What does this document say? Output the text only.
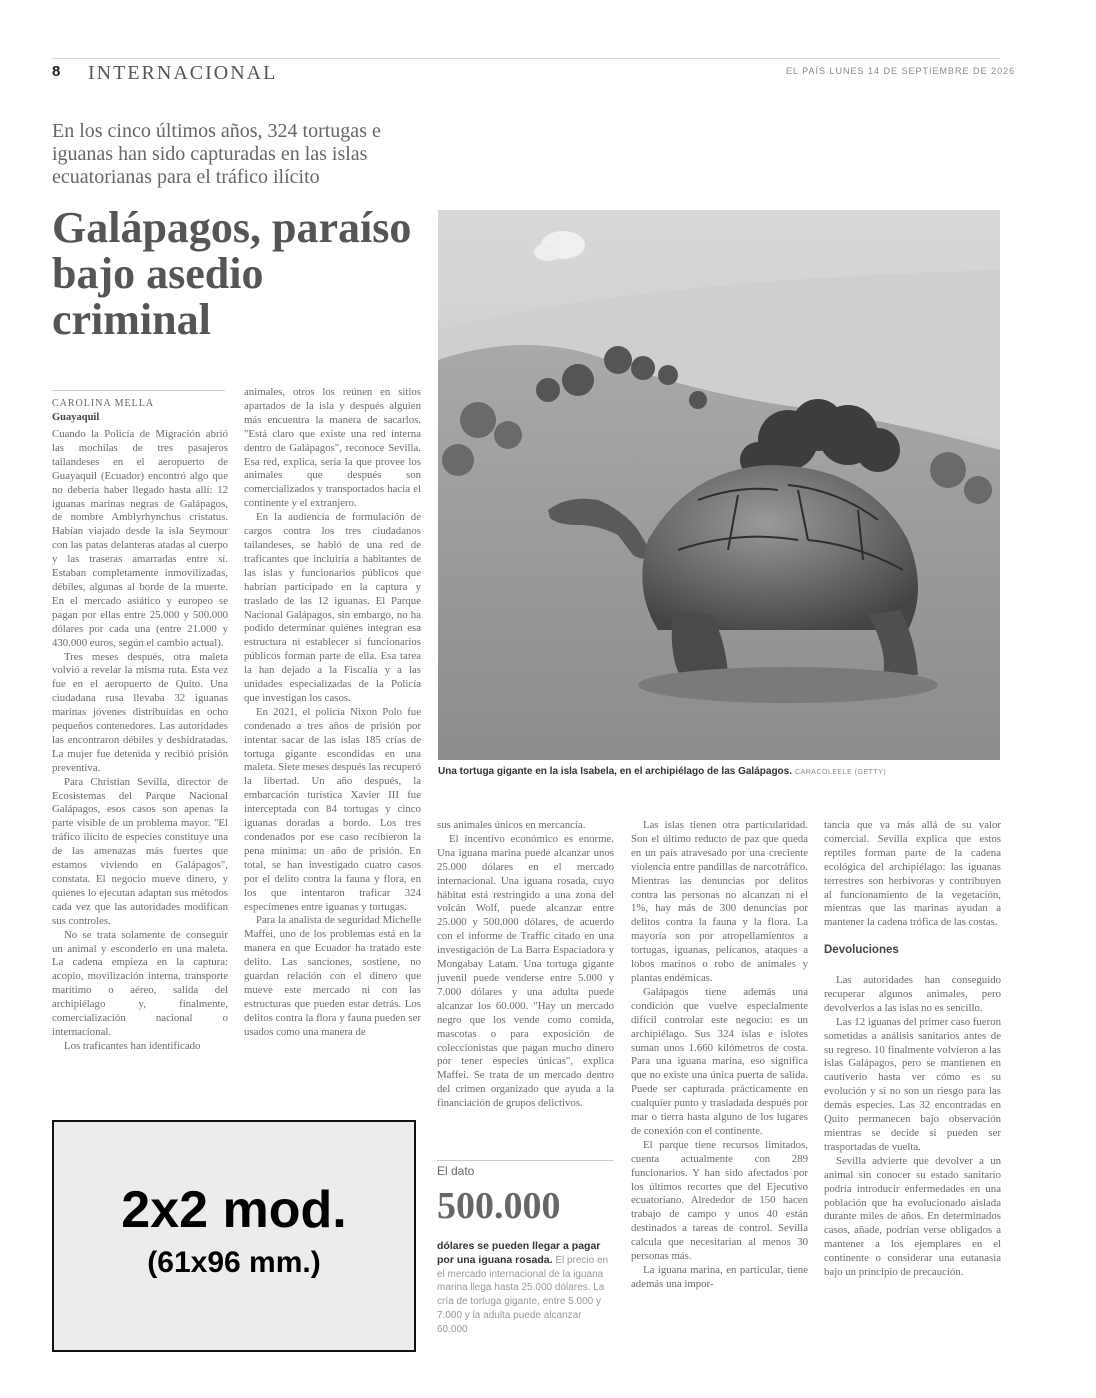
8 INTERNACIONAL	EL PAÍS LUNES 14 DE SEPTIEMBRE DE 2026
En los cinco últimos años, 324 tortugas e iguanas han sido capturadas en las islas ecuatorianas para el tráfico ilícito
Galápagos, paraíso bajo asedio criminal
Una tortuga gigante en la isla Isabela, en el archipiélago de las Galápagos. CARACOLEELE (GETTY)
CAROLINA MELLA
Guayaquil

Cuando la Policía de Migración abrió las mochilas de tres pasajeros tailandeses en el aeropuerto de Guayaquil (Ecuador) encontró algo que no debería haber llegado hasta allí: 12 iguanas marinas negras de Galápagos, de nombre Amblyrhynchus cristatus. Habían viajado desde la isla Seymour con las patas delanteras atadas al cuerpo y las traseras amarradas entre sí. Estaban completamente inmovilizadas, débiles, algunas al borde de la muerte. En el mercado asiático y europeo se pagan por ellas entre 25.000 y 500.000 dólares por cada una (entre 21.000 y 430.000 euros, según el cambio actual).

Tres meses después, otra maleta volvió a revelar la misma ruta. Esta vez fue en el aeropuerto de Quito. Una ciudadana rusa llevaba 32 iguanas marinas jóvenes distribuidas en ocho pequeños contenedores. Las autoridades las encontraron débiles y deshidratadas. La mujer fue detenida y recibió prisión preventiva.

Para Christian Sevilla, director de Ecosistemas del Parque Nacional Galápagos, esos casos son apenas la parte visible de un problema mayor. "El tráfico ilícito de especies constituye una de las amenazas más fuertes que estamos viviendo en Galápagos", constata. El negocio mueve dinero, y quienes lo ejecutan adaptan sus métodos cada vez que las autoridades modifican sus controles.

No se trata solamente de conseguir un animal y esconderlo en una maleta. La cadena empieza en la captura: acopio, movilización interna, transporte marítimo o aéreo, salida del archipiélago y, finalmente, comercialización nacional o internacional.

Los traficantes han identificado

animales, otros los reúnen en sitios apartados de la isla y después alguien más encuentra la manera de sacarlos. "Está claro que existe una red interna dentro de Galápagos", reconoce Sevilla. Esa red, explica, sería la que provee los animales que después son comercializados y transportados hacia el continente y el extranjero.

En la audiencia de formulación de cargos contra los tres ciudadanos tailandeses, se habló de una red de traficantes que incluiría a habitantes de las islas y funcionarios públicos que habrían participado en la captura y traslado de las 12 iguanas. El Parque Nacional Galápagos, sin embargo, no ha podido determinar quiénes integran esa estructura ni establecer si funcionarios públicos forman parte de ella. Esa tarea la han dejado a la Fiscalía y a las unidades especializadas de la Policía que investigan los casos.

En 2021, el policía Nixon Polo fue condenado a tres años de prisión por intentar sacar de las islas 185 crías de tortuga gigante escondidas en una maleta. Siete meses después las recuperó la libertad. Un año después, la embarcación turística Xavier III fue interceptada con 84 tortugas y cinco iguanas doradas a bordo. Los tres condenados por ese caso recibieron la pena mínima: un año de prisión. En total, se han investigado cuatro casos por el delito contra la fauna y flora, en los que intentaron traficar 324 especímenes entre iguanas y tortugas.

Para la analista de seguridad Michelle Maffei, uno de los problemas está en la manera en que Ecuador ha tratado este delito. Las sanciones, sostiene, no guardan relación con el dinero que mueve este mercado ni con las estructuras que pueden estar detrás. Los delitos contra la flora y fauna pueden ser usados como una manera de

sus animales únicos en mercancía.

El incentivo económico es enorme. Una iguana marina puede alcanzar unos 25.000 dólares en el mercado internacional. Una iguana rosada, cuyo hábitat está restringido a una zona del volcán Wolf, puede alcanzar entre 25.000 y 500.000 dólares, de acuerdo con el informe de Traffic citado en una investigación de La Barra Espaciadora y Mongabay Latam. Una tortuga gigante juvenil puede venderse entre 5.000 y 7.000 dólares y una adulta puede alcanzar los 60.000. "Hay un mercado negro que los vende como comida, mascotas o para exposición de coleccionistas que pagan mucho dinero por tener especies únicas", explica Maffei. Se trata de un mercado dentro del crimen organizado que ayuda a la financiación de grupos delictivos.

El dato
500.000
dólares se pueden llegar a pagar por una iguana rosada. El precio en el mercado internacional de la iguana marina llega hasta 25.000 dólares. La cría de tortuga gigante, entre 5.000 y 7.000 y la adulta puede alcanzar 60.000

Las islas tienen otra particularidad. Son el último reducto de paz que queda en un país atravesado por una creciente violencia entre pandillas de narcotráfico. Mientras las denuncias por delitos contra las personas no alcanzan ni el 1%, hay más de 300 denuncias por delitos contra la fauna y la flora. La mayoría son por atropellamientos a tortugas, iguanas, pelícanos, ataques a lobos marinos o robo de animales y plantas endémicas.

Galápagos tiene además una condición que vuelve especialmente difícil controlar este negocio: es un archipiélago. Sus 324 islas e islotes suman unos 1.660 kilómetros de costa. Para una iguana marina, eso significa que no existe una única puerta de salida. Puede ser capturada prácticamente en cualquier punto y trasladada después por mar o tierra hasta alguno de los lugares de conexión con el continente.

El parque tiene recursos limitados, cuenta actualmente con 289 funcionarios. Y han sido afectados por los últimos recortes que del Ejecutivo ecuatoriano. Alrededor de 150 hacen trabajo de campo y unos 40 están destinados a tareas de control. Sevilla calcula que necesitarían al menos 30 personas más.

La iguana marina, en particular, tiene además una impor-

tancia que va más allá de su valor comercial. Sevilla explica que estos reptiles forman parte de la cadena ecológica del archipiélago: las iguanas terrestres son herbívoras y contribuyen al funcionamiento de la vegetación, mientras que las marinas ayudan a mantener la cadena trófica de las costas.

Devoluciones

Las autoridades han conseguido recuperar algunos animales, pero devolverlos a las islas no es sencillo.

Las 12 iguanas del primer caso fueron sometidas a análisis sanitarios antes de su regreso. 10 finalmente volvieron a las islas Galápagos, pero se mantienen en cautiverio hasta ver cómo es su evolución y si no son un riesgo para las demás especies. Las 32 encontradas en Quito permanecen bajo observación mientras se decide si pueden ser trasportadas de vuelta.

Sevilla advierte que devolver a un animal sin conocer su estado sanitario podría introducir enfermedades en una población que ha evolucionado aislada durante miles de años. En determinados casos, añade, podrían verse obligados a mantener a los ejemplares en el continente o considerar una eutanasia bajo un principio de precaución.

2x2 mod.
(61x96 mm.)
